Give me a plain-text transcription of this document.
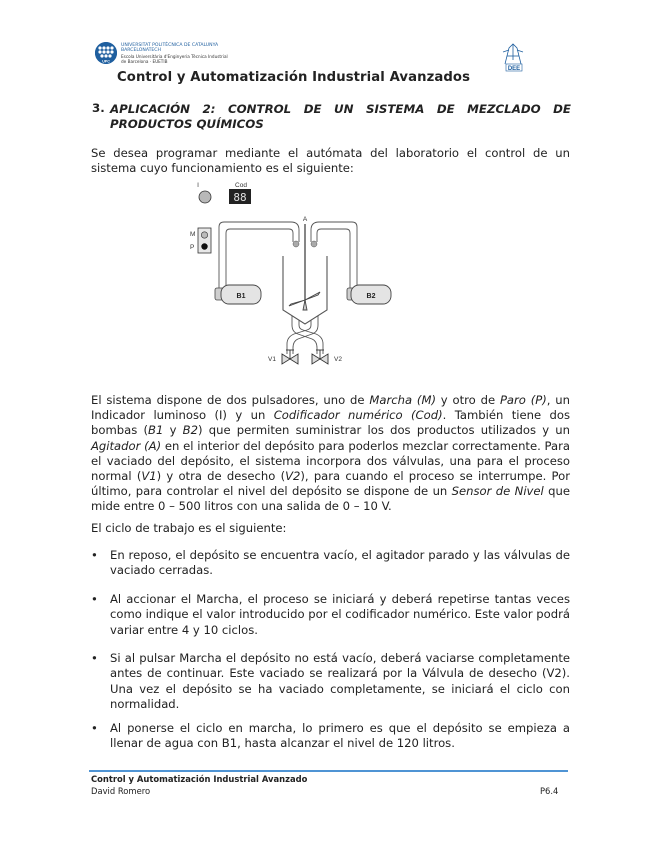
UPC
UNIVERSITAT POLITÈCNICA DE CATALUNYA
BARCELONATECH
Escola Universitària d'Enginyeria Tècnica Industrial
de Barcelona · EUETIB
DEE
Control y Automatización Industrial Avanzados
3. APLICACIÓN 2: CONTROL DE UN SISTEMA DE MEZCLADO DE
PRODUCTOS QUÍMICOS
Se desea programar mediante el autómata del laboratorio el control de un sistema cuyo funcionamiento es el siguiente:
I	Cod
88
M
P
A
V1	V2
B1	B2
El sistema dispone de dos pulsadores, uno de Marcha (M) y otro de Paro (P), un Indicador luminoso (I) y un Codificador numérico (Cod). También tiene dos bombas (B1 y B2) que permiten suministrar los dos productos utilizados y un Agitador (A) en el interior del depósito para poderlos mezclar correctamente. Para el vaciado del depósito, el sistema incorpora dos válvulas, una para el proceso normal (V1) y otra de desecho (V2), para cuando el proceso se interrumpe. Por último, para controlar el nivel del depósito se dispone de un Sensor de Nivel que mide entre 0 – 500 litros con una salida de 0 – 10 V.
El ciclo de trabajo es el siguiente:
• En reposo, el depósito se encuentra vacío, el agitador parado y las válvulas de vaciado cerradas.
• Al accionar el Marcha, el proceso se iniciará y deberá repetirse tantas veces como indique el valor introducido por el codificador numérico. Este valor podrá variar entre 4 y 10 ciclos.
• Si al pulsar Marcha el depósito no está vacío, deberá vaciarse completamente antes de continuar. Este vaciado se realizará por la Válvula de desecho (V2). Una vez el depósito se ha vaciado completamente, se iniciará el ciclo con normalidad.
• Al ponerse el ciclo en marcha, lo primero es que el depósito se empieza a llenar de agua con B1, hasta alcanzar el nivel de 120 litros.
Control y Automatización Industrial Avanzado
David Romero	P6.4
